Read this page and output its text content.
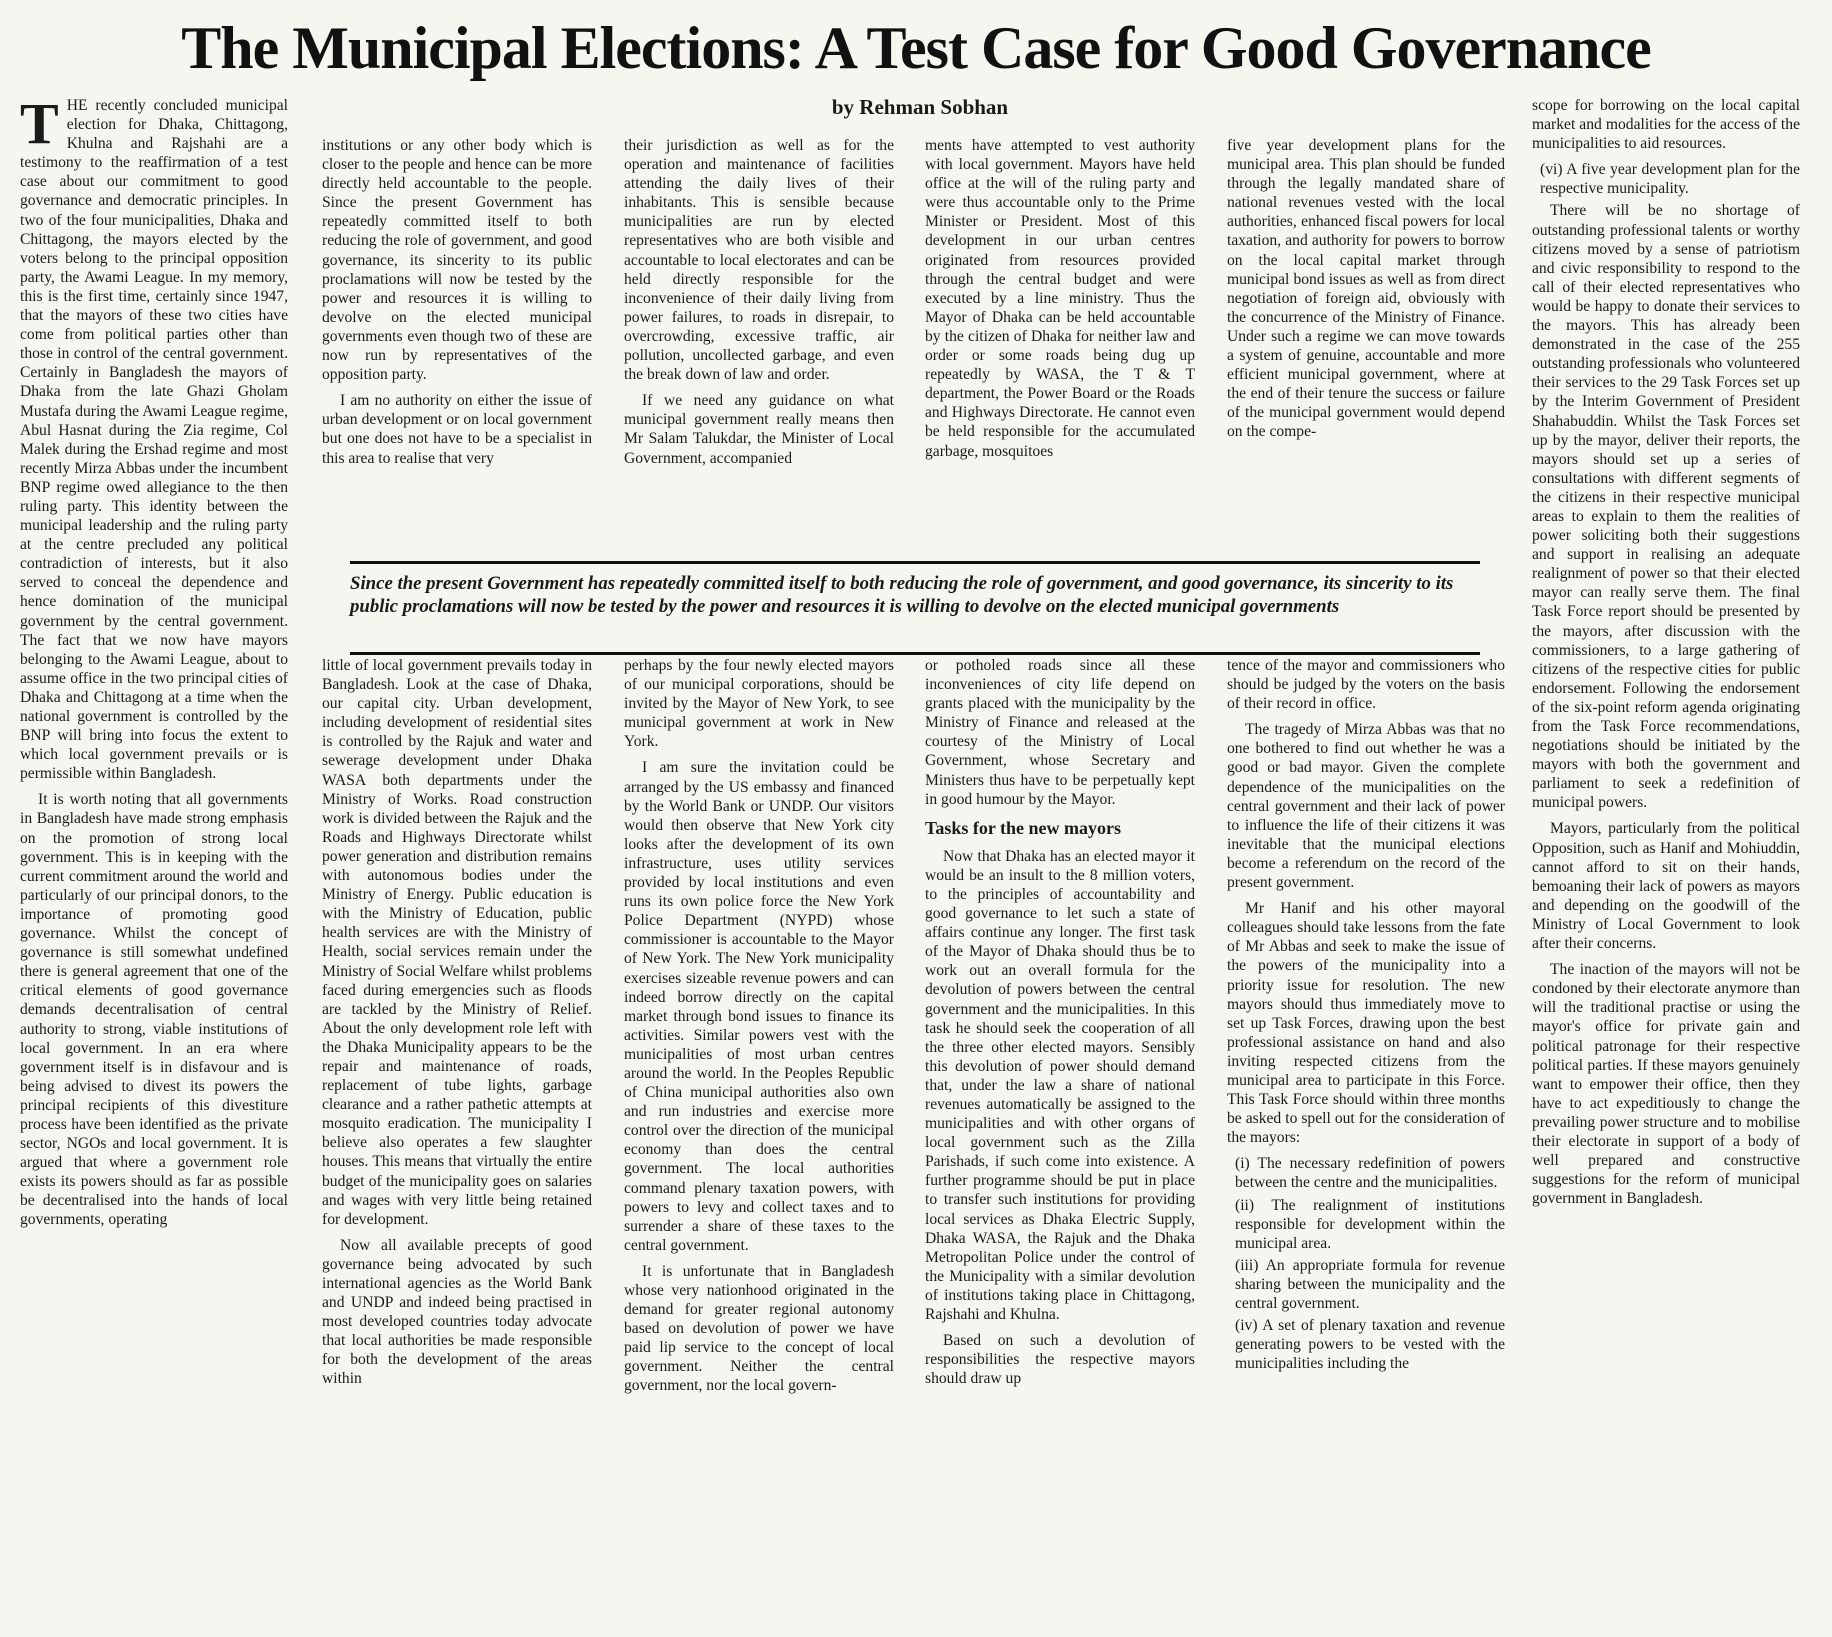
The Municipal Elections: A Test Case for Good Governance
by Rehman Sobhan

THE recently concluded municipal election for Dhaka, Chittagong, Khulna and Rajshahi are a testimony to the reaffirmation of a test case about our commitment to good governance and democratic principles. In two of the four municipalities, Dhaka and Chittagong, the mayors elected by the voters belong to the principal opposition party, the Awami League. In my memory, this is the first time, certainly since 1947, that the mayors of these two cities have come from political parties other than those in control of the central government. Certainly in Bangladesh the mayors of Dhaka from the late Ghazi Gholam Mustafa during the Awami League regime, Abul Hasnat during the Zia regime, Col Malek during the Ershad regime and most recently Mirza Abbas under the incumbent BNP regime owed allegiance to the then ruling party. This identity between the municipal leadership and the ruling party at the centre precluded any political contradiction of interests, but it also served to conceal the dependence and hence domination of the municipal government by the central government. The fact that we now have mayors belonging to the Awami League, about to assume office in the two principal cities of Dhaka and Chittagong at a time when the national government is controlled by the BNP will bring into focus the extent to which local government prevails or is permissible within Bangladesh.

It is worth noting that all governments in Bangladesh have made strong emphasis on the promotion of strong local government. This is in keeping with the current commitment around the world and particularly of our principal donors, to the importance of promoting good governance. Whilst the concept of governance is still somewhat undefined there is general agreement that one of the critical elements of good governance demands decentralisation of central authority to strong, viable institutions of local government. In an era where government itself is in disfavour and is being advised to divest its powers the principal recipients of this divestiture process have been identified as the private sector, NGOs and local government. It is argued that where a government role exists its powers should as far as possible be decentralised into the hands of local governments, operating

institutions or any other body which is closer to the people and hence can be more directly held accountable to the people. Since the present Government has repeatedly committed itself to both reducing the role of government, and good governance, its sincerity to its public proclamations will now be tested by the power and resources it is willing to devolve on the elected municipal governments even though two of these are now run by representatives of the opposition party.

I am no authority on either the issue of urban development or on local government but one does not have to be a specialist in this area to realise that very

their jurisdiction as well as for the operation and maintenance of facilities attending the daily lives of their inhabitants. This is sensible because municipalities are run by elected representatives who are both visible and accountable to local electorates and can be held directly responsible for the inconvenience of their daily living from power failures, to roads in disrepair, to overcrowding, excessive traffic, air pollution, uncollected garbage, and even the break down of law and order.

If we need any guidance on what municipal government really means then Mr Salam Talukdar, the Minister of Local Government, accompanied

ments have attempted to vest authority with local government. Mayors have held office at the will of the ruling party and were thus accountable only to the Prime Minister or President. Most of this development in our urban centres originated from resources provided through the central budget and were executed by a line ministry. Thus the Mayor of Dhaka can be held accountable by the citizen of Dhaka for neither law and order or some roads being dug up repeatedly by WASA, the T & T department, the Power Board or the Roads and Highways Directorate. He cannot even be held responsible for the accumulated garbage, mosquitoes

five year development plans for the municipal area. This plan should be funded through the legally mandated share of national revenues vested with the local authorities, enhanced fiscal powers for local taxation, and authority for powers to borrow on the local capital market through municipal bond issues as well as from direct negotiation of foreign aid, obviously with the concurrence of the Ministry of Finance. Under such a regime we can move towards a system of genuine, accountable and more efficient municipal government, where at the end of their tenure the success or failure of the municipal government would depend on the compe-

Since the present Government has repeatedly committed itself to both reducing the role of government, and good governance, its sincerity to its public proclamations will now be tested by the power and resources it is willing to devolve on the elected municipal governments

little of local government prevails today in Bangladesh. Look at the case of Dhaka, our capital city. Urban development, including development of residential sites is controlled by the Rajuk and water and sewerage development under Dhaka WASA both departments under the Ministry of Works. Road construction work is divided between the Rajuk and the Roads and Highways Directorate whilst power generation and distribution remains with autonomous bodies under the Ministry of Energy. Public education is with the Ministry of Education, public health services are with the Ministry of Health, social services remain under the Ministry of Social Welfare whilst problems faced during emergencies such as floods are tackled by the Ministry of Relief. About the only development role left with the Dhaka Municipality appears to be the repair and maintenance of roads, replacement of tube lights, garbage clearance and a rather pathetic attempts at mosquito eradication. The municipality I believe also operates a few slaughter houses. This means that virtually the entire budget of the municipality goes on salaries and wages with very little being retained for development.

Now all available precepts of good governance being advocated by such international agencies as the World Bank and UNDP and indeed being practised in most developed countries today advocate that local authorities be made responsible for both the development of the areas within

perhaps by the four newly elected mayors of our municipal corporations, should be invited by the Mayor of New York, to see municipal government at work in New York.

I am sure the invitation could be arranged by the US embassy and financed by the World Bank or UNDP. Our visitors would then observe that New York city looks after the development of its own infrastructure, uses utility services provided by local institutions and even runs its own police force the New York Police Department (NYPD) whose commissioner is accountable to the Mayor of New York. The New York municipality exercises sizeable revenue powers and can indeed borrow directly on the capital market through bond issues to finance its activities. Similar powers vest with the municipalities of most urban centres around the world. In the Peoples Republic of China municipal authorities also own and run industries and exercise more control over the direction of the municipal economy than does the central government. The local authorities command plenary taxation powers, with powers to levy and collect taxes and to surrender a share of these taxes to the central government.

It is unfortunate that in Bangladesh whose very nationhood originated in the demand for greater regional autonomy based on devolution of power we have paid lip service to the concept of local government. Neither the central government, nor the local govern-

or potholed roads since all these inconveniences of city life depend on grants placed with the municipality by the Ministry of Finance and released at the courtesy of the Ministry of Local Government, whose Secretary and Ministers thus have to be perpetually kept in good humour by the Mayor.

Tasks for the new mayors

Now that Dhaka has an elected mayor it would be an insult to the 8 million voters, to the principles of accountability and good governance to let such a state of affairs continue any longer. The first task of the Mayor of Dhaka should thus be to work out an overall formula for the devolution of powers between the central government and the municipalities. In this task he should seek the cooperation of all the three other elected mayors. Sensibly this devolution of power should demand that, under the law a share of national revenues automatically be assigned to the municipalities and with other organs of local government such as the Zilla Parishads, if such come into existence. A further programme should be put in place to transfer such institutions for providing local services as Dhaka Electric Supply, Dhaka WASA, the Rajuk and the Dhaka Metropolitan Police under the control of the Municipality with a similar devolution of institutions taking place in Chittagong, Rajshahi and Khulna.

Based on such a devolution of responsibilities the respective mayors should draw up

tence of the mayor and commissioners who should be judged by the voters on the basis of their record in office.

The tragedy of Mirza Abbas was that no one bothered to find out whether he was a good or bad mayor. Given the complete dependence of the municipalities on the central government and their lack of power to influence the life of their citizens it was inevitable that the municipal elections become a referendum on the record of the present government.

Mr Hanif and his other mayoral colleagues should take lessons from the fate of Mr Abbas and seek to make the issue of the powers of the municipality into a priority issue for resolution. The new mayors should thus immediately move to set up Task Forces, drawing upon the best professional assistance on hand and also inviting respected citizens from the municipal area to participate in this Force. This Task Force should within three months be asked to spell out for the consideration of the mayors:

(i) The necessary redefinition of powers between the centre and the municipalities.

(ii) The realignment of institutions responsible for development within the municipal area.

(iii) An appropriate formula for revenue sharing between the municipality and the central government.

(iv) A set of plenary taxation and revenue generating powers to be vested with the municipalities including the

scope for borrowing on the local capital market and modalities for the access of the municipalities to aid resources.

(vi) A five year development plan for the respective municipality.

There will be no shortage of outstanding professional talents or worthy citizens moved by a sense of patriotism and civic responsibility to respond to the call of their elected representatives who would be happy to donate their services to the mayors. This has already been demonstrated in the case of the 255 outstanding professionals who volunteered their services to the 29 Task Forces set up by the Interim Government of President Shahabuddin. Whilst the Task Forces set up by the mayor, deliver their reports, the mayors should set up a series of consultations with different segments of the citizens in their respective municipal areas to explain to them the realities of power soliciting both their suggestions and support in realising an adequate realignment of power so that their elected mayor can really serve them. The final Task Force report should be presented by the mayors, after discussion with the commissioners, to a large gathering of citizens of the respective cities for public endorsement. Following the endorsement of the six-point reform agenda originating from the Task Force recommendations, negotiations should be initiated by the mayors with both the government and parliament to seek a redefinition of municipal powers.

Mayors, particularly from the political Opposition, such as Hanif and Mohiuddin, cannot afford to sit on their hands, bemoaning their lack of powers as mayors and depending on the goodwill of the Ministry of Local Government to look after their concerns.

The inaction of the mayors will not be condoned by their electorate anymore than will the traditional practise or using the mayor's office for private gain and political patronage for their respective political parties. If these mayors genuinely want to empower their office, then they have to act expeditiously to change the prevailing power structure and to mobilise their electorate in support of a body of well prepared and constructive suggestions for the reform of municipal government in Bangladesh.
